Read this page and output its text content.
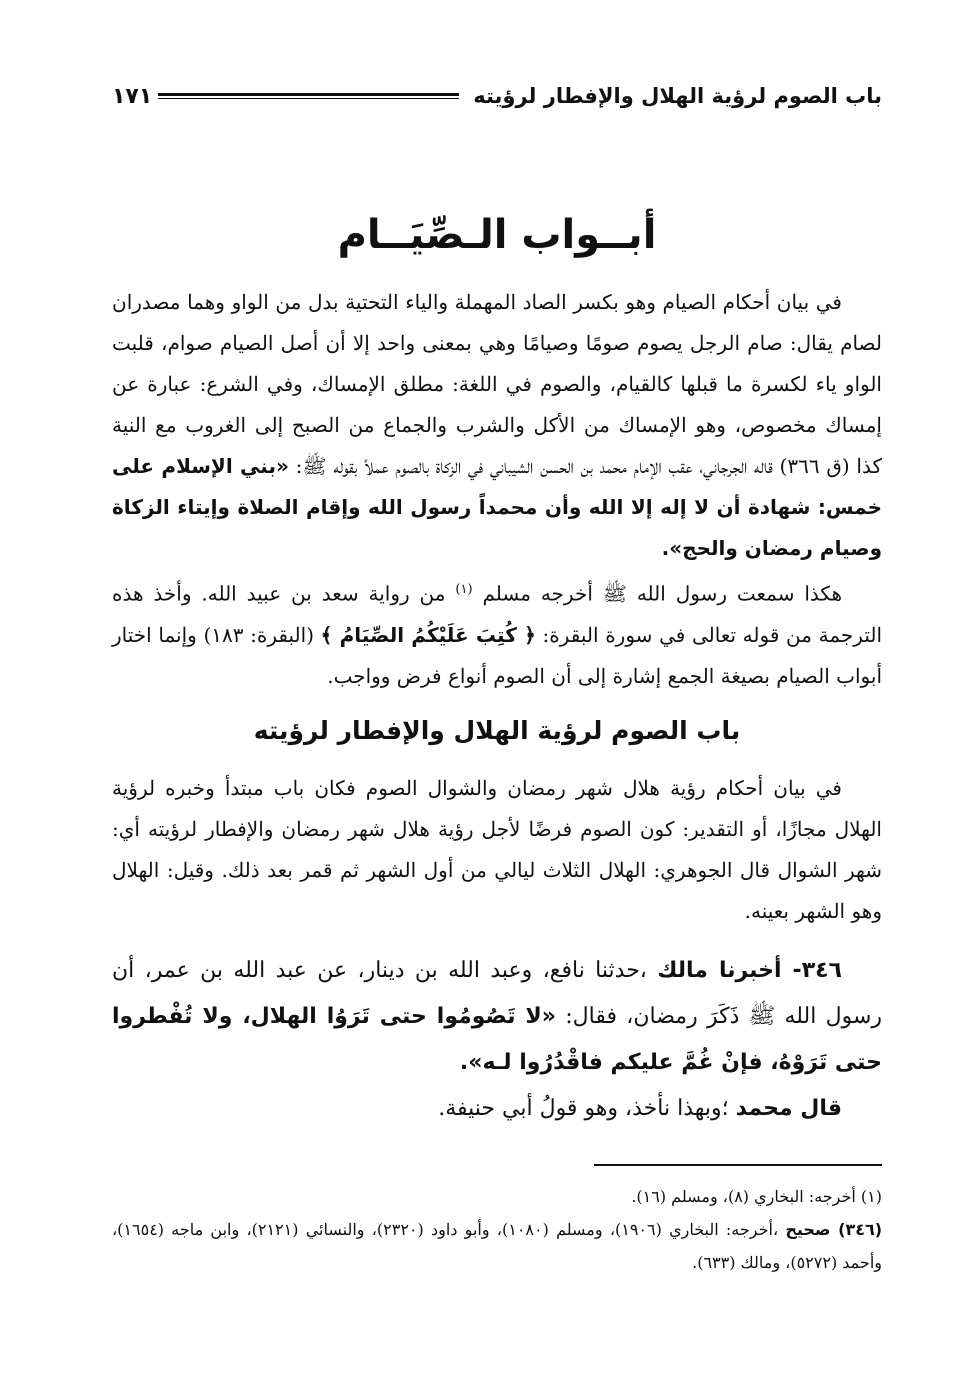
باب الصوم لرؤية الهلال والإفطار لرؤيته
١٧١
أبــواب الـصِّيَــام

في بيان أحكام الصيام وهو بكسر الصاد المهملة والياء التحتية بدل من الواو وهما مصدران لصام يقال: صام الرجل يصوم صومًا وصيامًا وهي بمعنى واحد إلا أن أصل الصيام صوام، قلبت الواو ياء لكسرة ما قبلها كالقيام، والصوم في اللغة: مطلق الإمساك، وفي الشرع: عبارة عن إمساك مخصوص، وهو الإمساك من الأكل والشرب والجماع من الصبح إلى الغروب مع النية كذا (ق ٣٦٦) قاله الجرجاني، عقب الإمام محمد بن الحسن الشيباني في الزكاة بالصوم عملاً بقوله ﷺ: «بني الإسلام على خمس: شهادة أن لا إله إلا الله وأن محمداً رسول الله وإقام الصلاة وإيتاء الزكاة وصيام رمضان والحج».

هكذا سمعت رسول الله ﷺ أخرجه مسلم $^{(١)}$ من رواية سعد بن عبيد الله. وأخذ هذه الترجمة من قوله تعالى في سورة البقرة: ﴿ كُتِبَ عَلَيْكُمُ الصِّيَامُ ﴾ (البقرة: ١٨٣) وإنما اختار أبواب الصيام بصيغة الجمع إشارة إلى أن الصوم أنواع فرض وواجب.

باب الصوم لرؤية الهلال والإفطار لرؤيته

في بيان أحكام رؤية هلال شهر رمضان والشوال الصوم فكان باب مبتدأ وخبره لرؤية الهلال مجازًا، أو التقدير: كون الصوم فرضًا لأجل رؤية هلال شهر رمضان والإفطار لرؤيته أي: شهر الشوال قال الجوهري: الهلال الثلاث ليالي من أول الشهر ثم قمر بعد ذلك. وقيل: الهلال وهو الشهر بعينه.

٣٤٦- أخبرنا مالك ،حدثنا نافع، وعبد الله بن دينار، عن عبد الله بن عمر، أن رسول الله ﷺ ذَكَرَ رمضان، فقال: «لا تَصُومُوا حتى تَرَوُا الهلال، ولا تُفْطروا حتى تَرَوْهُ، فإنْ غُمَّ عليكم فاقْدُرُوا لـه».

قال محمد ؛وبهذا نأخذ، وهو قولُ أبي حنيفة.

(١) أخرجه: البخاري (٨)، ومسلم (١٦).

(٣٤٦) صحيح ،أخرجه: البخاري (١٩٠٦)، ومسلم (١٠٨٠)، وأبو داود (٢٣٢٠)، والنسائي (٢١٢١)، وابن ماجه (١٦٥٤)، وأحمد (٥٢٧٢)، ومالك (٦٣٣).
